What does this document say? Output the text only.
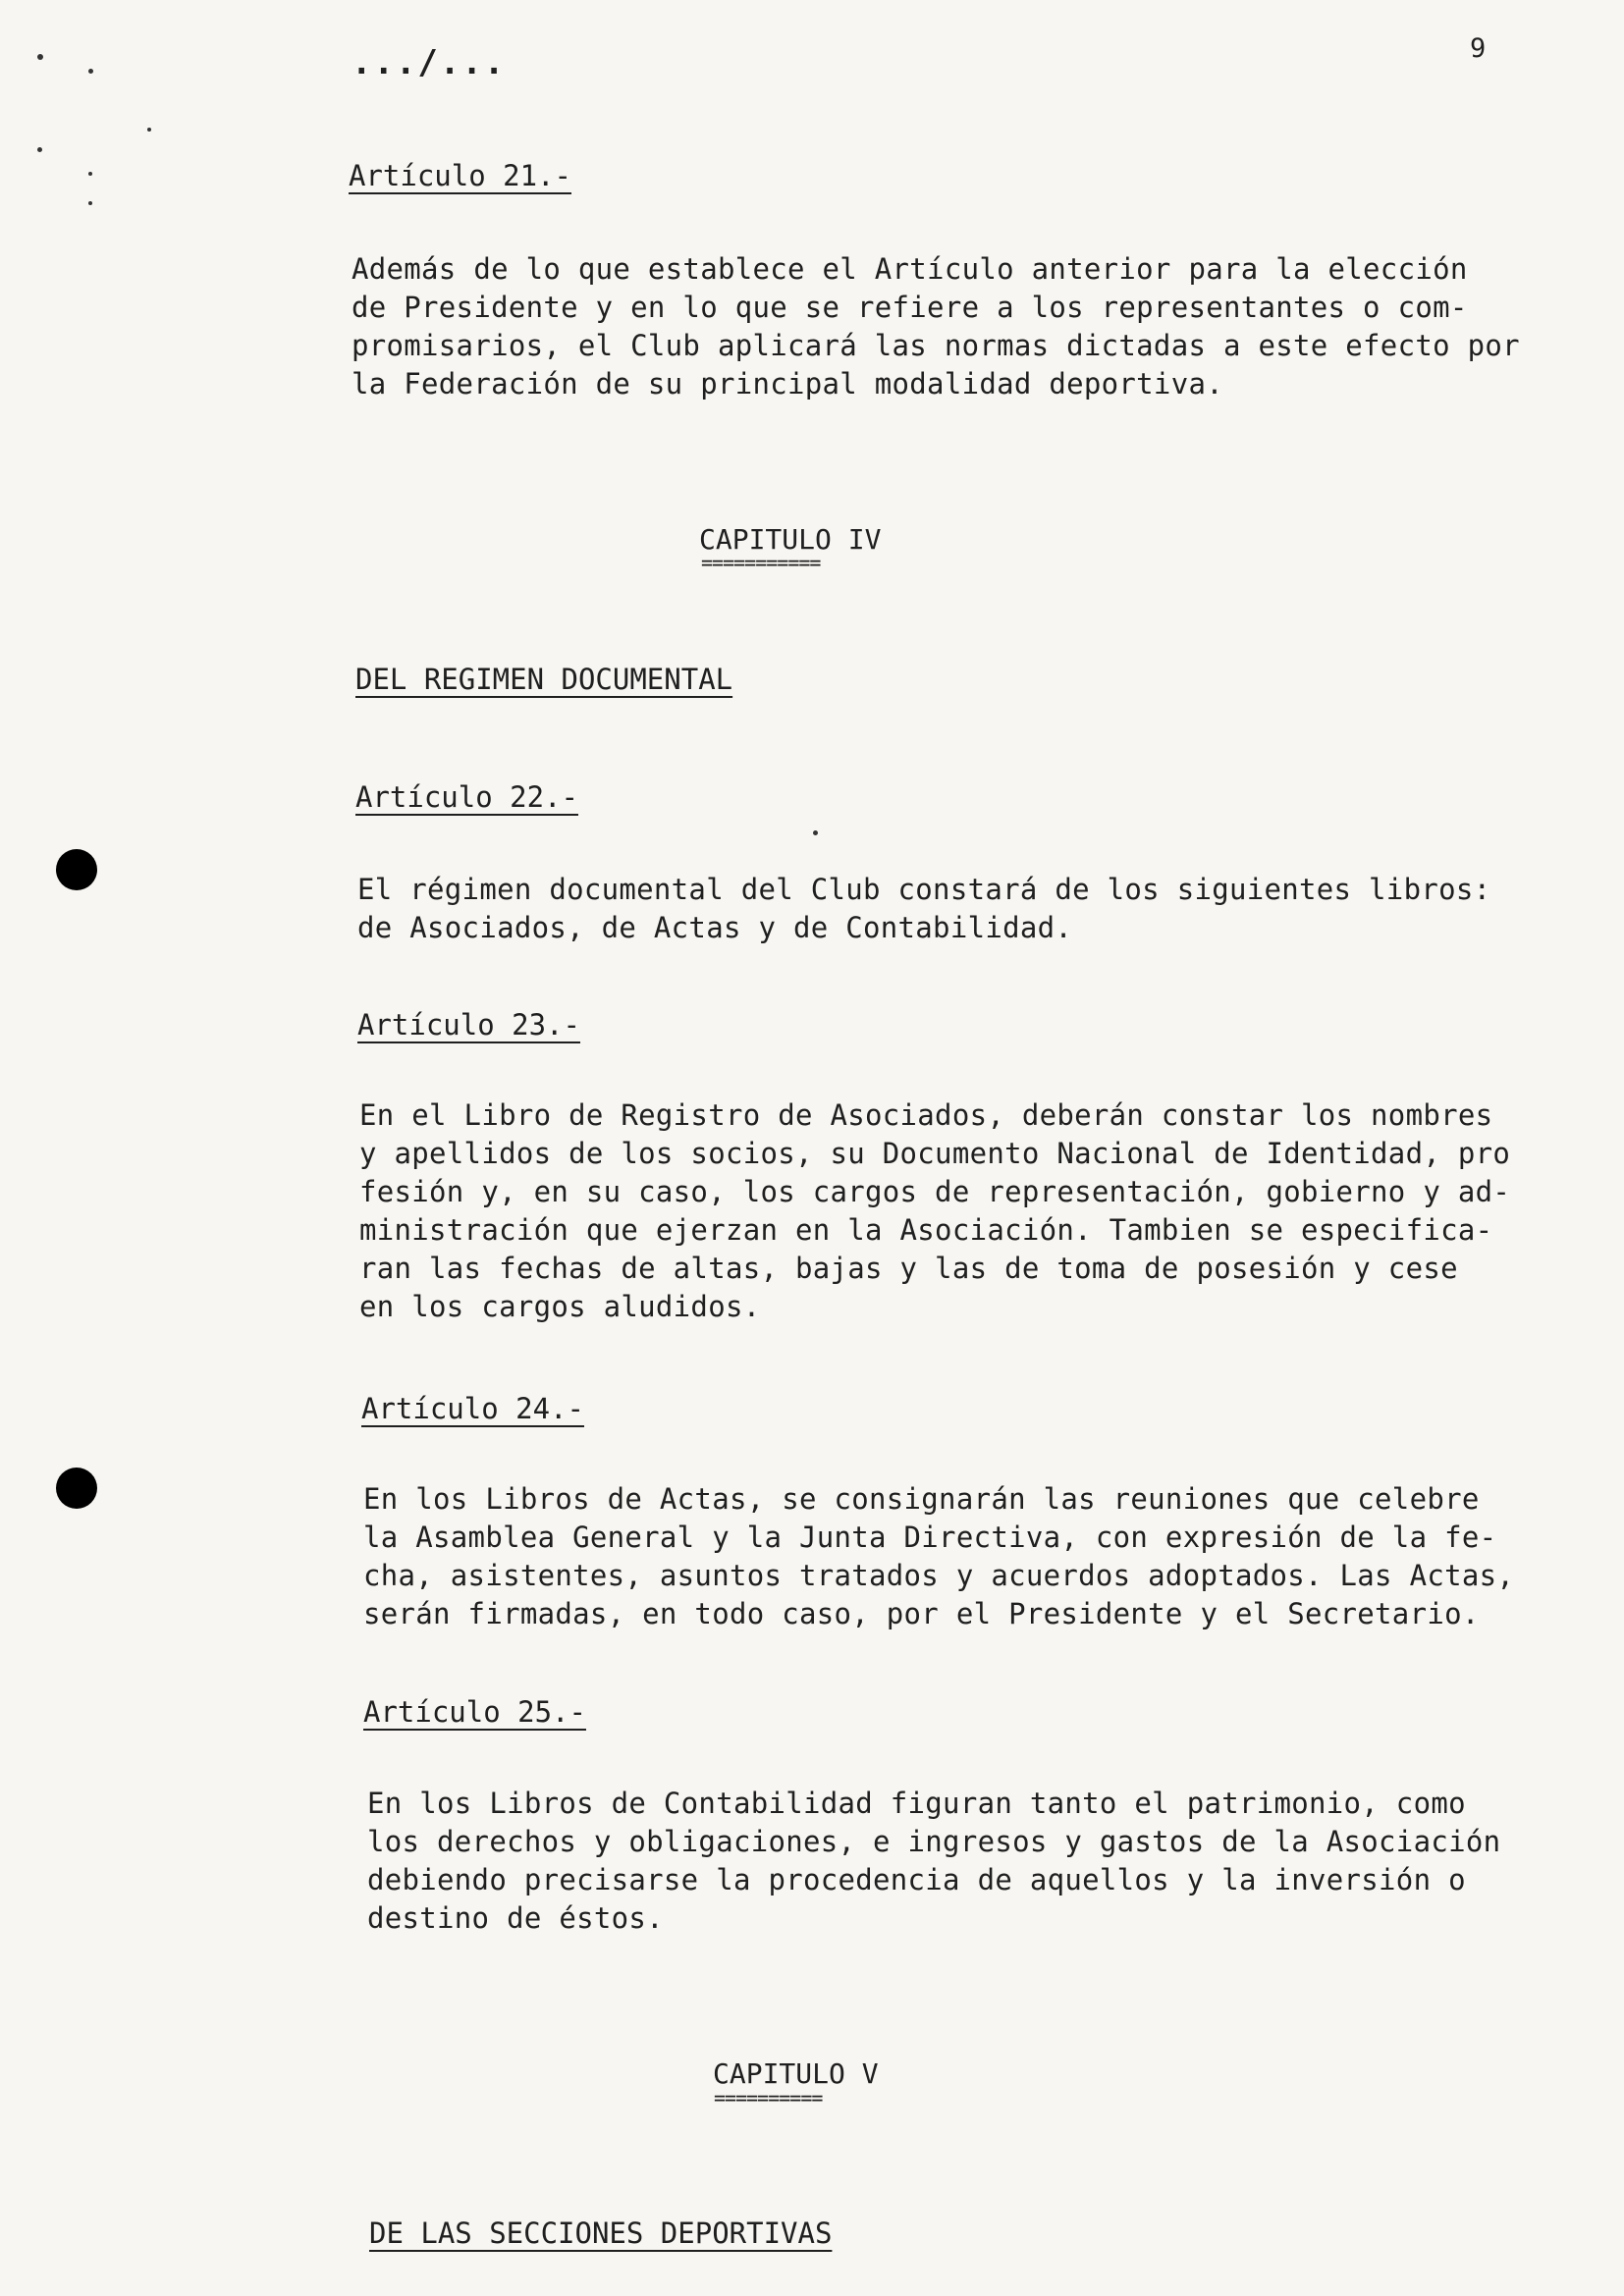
9
.../...
Artículo 21.-
Además de lo que establece el Artículo anterior para la elección
de Presidente y en lo que se refiere a los representantes o com-
promisarios, el Club aplicará las normas dictadas a este efecto por
la Federación de su principal modalidad deportiva.
CAPITULO IV
===========
DEL REGIMEN DOCUMENTAL
Artículo 22.-
El régimen documental del Club constará de los siguientes libros:
de Asociados, de Actas y de Contabilidad.
Artículo 23.-
En el Libro de Registro de Asociados, deberán constar los nombres
y apellidos de los socios, su Documento Nacional de Identidad, pro
fesión y, en su caso, los cargos de representación, gobierno y ad-
ministración que ejerzan en la Asociación. Tambien se especifica-
ran las fechas de altas, bajas y las de toma de posesión y cese
en los cargos aludidos.
Artículo 24.-
En los Libros de Actas, se consignarán las reuniones que celebre
la Asamblea General y la Junta Directiva, con expresión de la fe-
cha, asistentes, asuntos tratados y acuerdos adoptados. Las Actas,
serán firmadas, en todo caso, por el Presidente y el Secretario.
Artículo 25.-
En los Libros de Contabilidad figuran tanto el patrimonio, como
los derechos y obligaciones, e ingresos y gastos de la Asociación
debiendo precisarse la procedencia de aquellos y la inversión o
destino de éstos.
CAPITULO V
==========
DE LAS SECCIONES DEPORTIVAS
